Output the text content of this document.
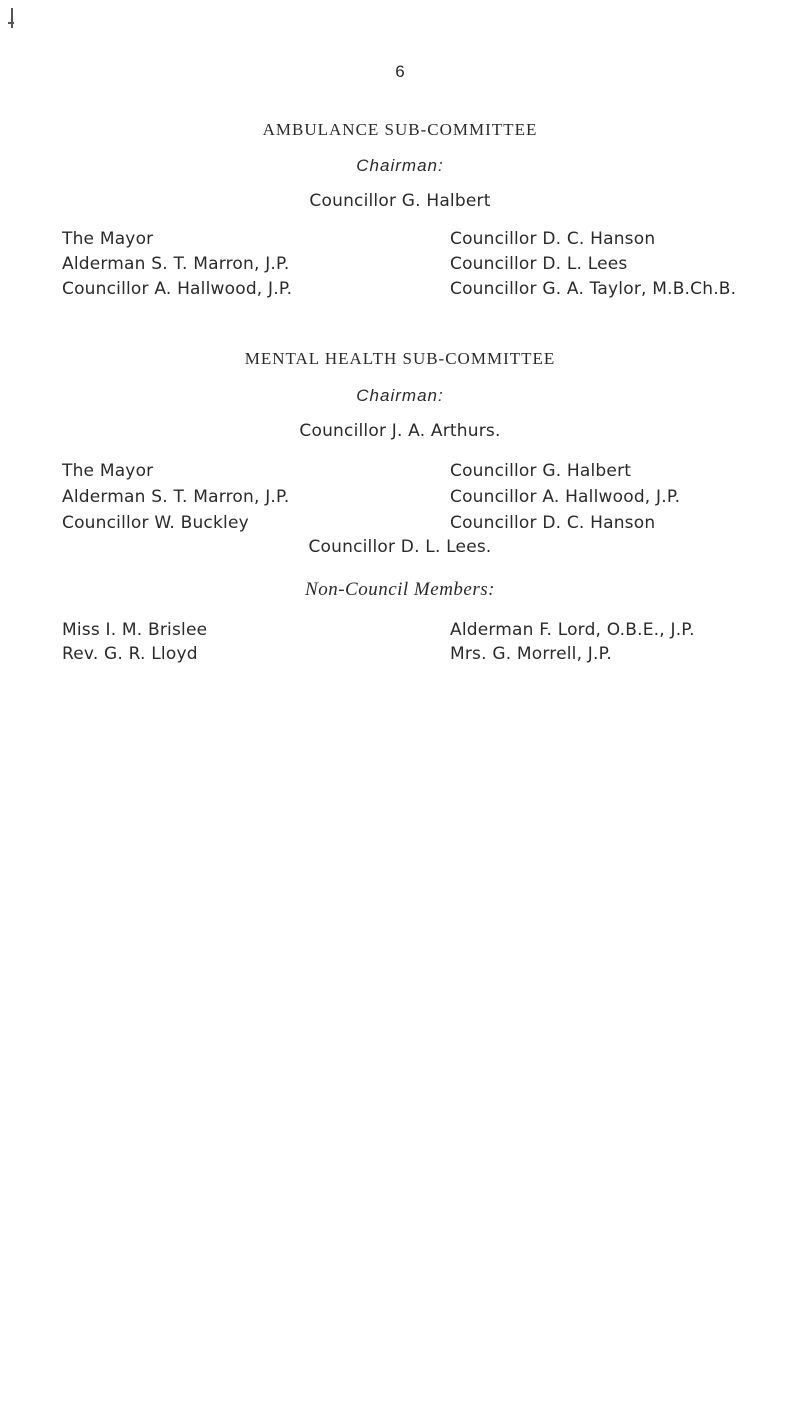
6
AMBULANCE SUB-COMMITTEE
Chairman:
Councillor G. Halbert
The Mayor
Alderman S. T. Marron, J.P.
Councillor A. Hallwood, J.P.
Councillor D. C. Hanson
Councillor D. L. Lees
Councillor G. A. Taylor, M.B.Ch.B.
MENTAL HEALTH SUB-COMMITTEE
Chairman:
Councillor J. A. Arthurs.
The Mayor
Alderman S. T. Marron, J.P.
Councillor W. Buckley
Councillor G. Halbert
Councillor A. Hallwood, J.P.
Councillor D. C. Hanson
Councillor D. L. Lees.
Non-Council Members:
Miss I. M. Brislee
Rev. G. R. Lloyd
Alderman F. Lord, O.B.E., J.P.
Mrs. G. Morrell, J.P.
